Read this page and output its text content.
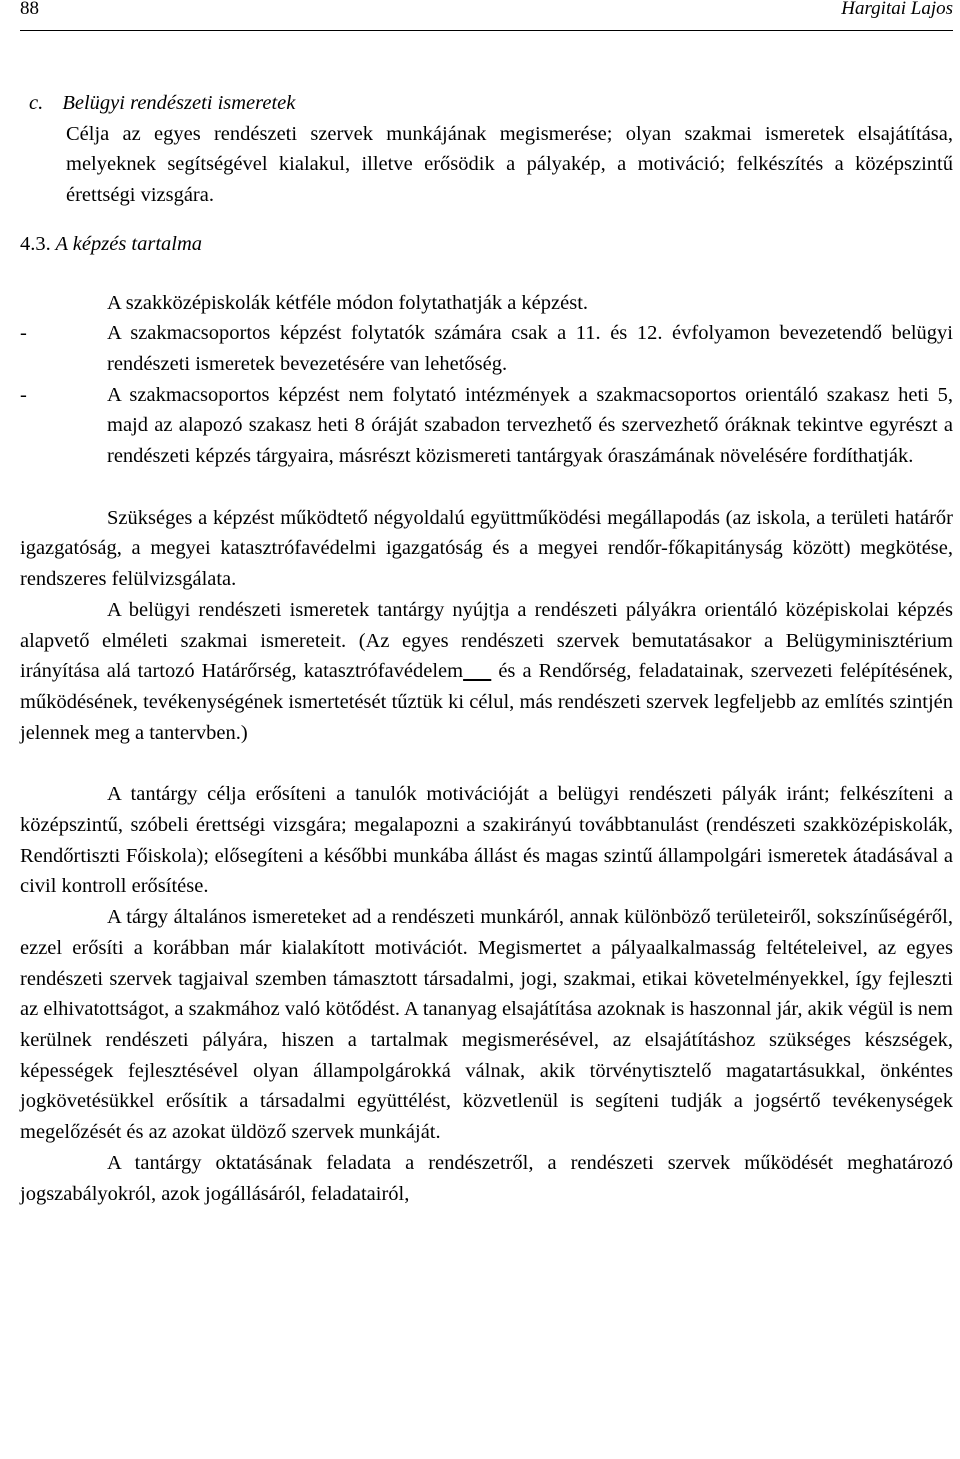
88	Hargitai Lajos
c. Belügyi rendészeti ismeretek
Célja az egyes rendészeti szervek munkájának megismerése; olyan szakmai ismeretek elsajátítása, melyeknek segítségével kialakul, illetve erősödik a pályakép, a motiváció; felkészítés a középszintű érettségi vizsgára.
4.3. A képzés tartalma
A szakközépiskolák kétféle módon folytathatják a képzést.
-	A szakmacsoportos képzést folytatók számára csak a 11. és 12. évfolyamon bevezetendő belügyi rendészeti ismeretek bevezetésére van lehetőség.
-	A szakmacsoportos képzést nem folytató intézmények a szakmacsoportos orientáló szakasz heti 5, majd az alapozó szakasz heti 8 óráját szabadon tervezhető és szervezhető óráknak tekintve egyrészt a rendészeti képzés tárgyaira, másrészt közismereti tantárgyak óraszámának növelésére fordíthatják.
Szükséges a képzést működtető négyoldalú együttműködési megállapodás (az iskola, a területi határőr igazgatóság, a megyei katasztrófavédelmi igazgatóság és a megyei rendőr-főkapitányság között) megkötése, rendszeres felülvizsgálata.
A belügyi rendészeti ismeretek tantárgy nyújtja a rendészeti pályákra orientáló középiskolai képzés alapvető elméleti szakmai ismereteit. (Az egyes rendészeti szervek bemutatásakor a Belügyminisztérium irányítása alá tartozó Határőrség, katasztrófavédelem és a Rendőrség, feladatainak, szervezeti felépítésének, működésének, tevékenységének ismertetését tűztük ki célul, más rendészeti szervek legfeljebb az említés szintjén jelennek meg a tantervben.)
A tantárgy célja erősíteni a tanulók motivációját a belügyi rendészeti pályák iránt; felkészíteni a középszintű, szóbeli érettségi vizsgára; megalapozni a szakirányú továbbtanulást (rendészeti szakközépiskolák, Rendőrtiszti Főiskola); elősegíteni a későbbi munkába állást és magas szintű állampolgári ismeretek átadásával a civil kontroll erősítése.
A tárgy általános ismereteket ad a rendészeti munkáról, annak különböző területeiről, sokszínűségéről, ezzel erősíti a korábban már kialakított motivációt. Megismertet a pályaalkalmasság feltételeivel, az egyes rendészeti szervek tagjaival szemben támasztott társadalmi, jogi, szakmai, etikai követelményekkel, így fejleszti az elhivatottságot, a szakmához való kötődést. A tananyag elsajátítása azoknak is haszonnal jár, akik végül is nem kerülnek rendészeti pályára, hiszen a tartalmak megismerésével, az elsajátításhoz szükséges készségek, képességek fejlesztésével olyan állampolgárokká válnak, akik törvénytisztelő magatartásukkal, önkéntes jogkövetésükkel erősítik a társadalmi együttélést, közvetlenül is segíteni tudják a jogsértő tevékenységek megelőzését és az azokat üldöző szervek munkáját.
A tantárgy oktatásának feladata a rendészetről, a rendészeti szervek működését meghatározó jogszabályokról, azok jogállásáról, feladatairól,
